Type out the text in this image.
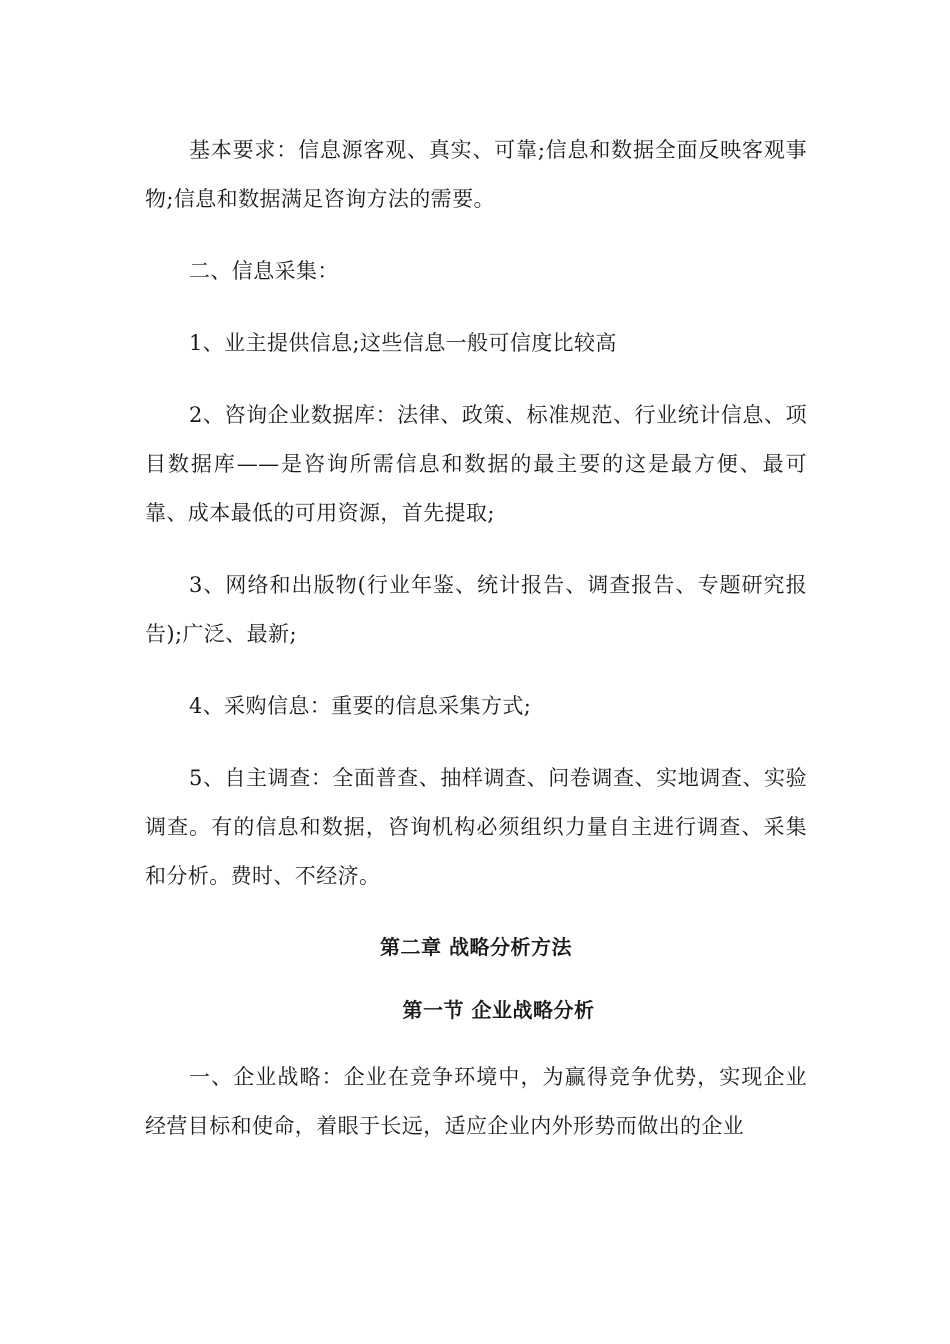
基本要求：信息源客观、真实、可靠;信息和数据全面反映客观事物;信息和数据满足咨询方法的需要。

二、信息采集：

1、业主提供信息;这些信息一般可信度比较高

2、咨询企业数据库：法律、政策、标准规范、行业统计信息、项目数据库——是咨询所需信息和数据的最主要的这是最方便、最可靠、成本最低的可用资源，首先提取;

3、网络和出版物(行业年鉴、统计报告、调查报告、专题研究报告);广泛、最新;

4、采购信息：重要的信息采集方式;

5、自主调查：全面普查、抽样调查、问卷调查、实地调查、实验调查。有的信息和数据，咨询机构必须组织力量自主进行调查、采集和分析。费时、不经济。

第二章 战略分析方法
第一节 企业战略分析

一、企业战略：企业在竞争环境中，为赢得竞争优势，实现企业经营目标和使命，着眼于长远，适应企业内外形势而做出的企业
